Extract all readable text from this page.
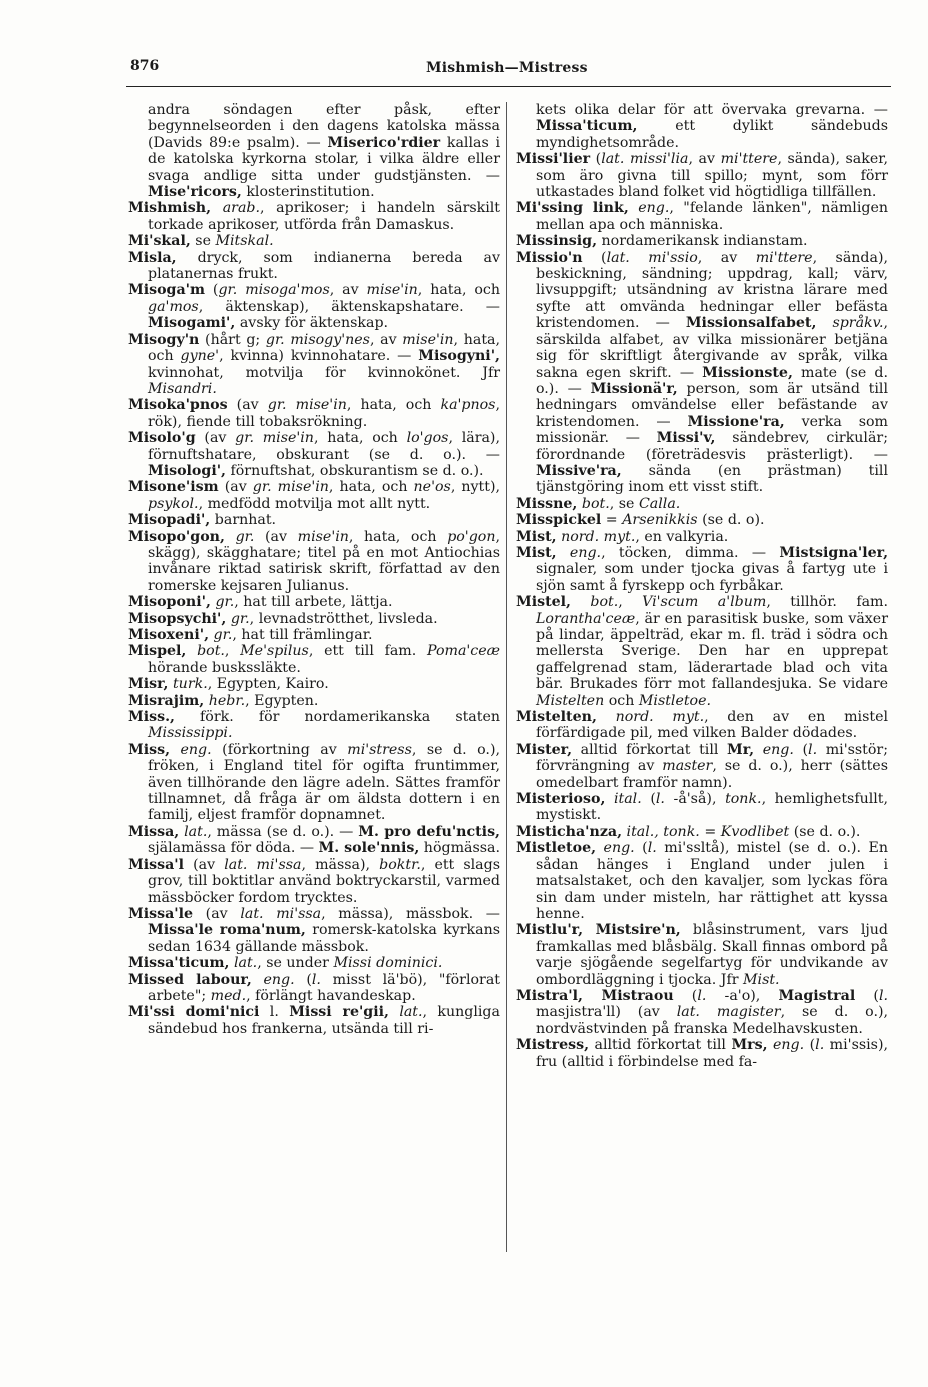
876	Mishmish—Mistress

andra söndagen efter påsk, efter begynnelseorden i den dagens katolska mässa (Davids 89:e psalm). — Miserico'rdier kallas i de katolska kyrkorna stolar, i vilka äldre eller svaga andlige sitta under gudstjänsten. — Mise'ricors, klosterinstitution.

Mishmish, arab., aprikoser; i handeln särskilt torkade aprikoser, utförda från Damaskus.

Mi'skal, se Mitskal.

Misla, dryck, som indianerna bereda av platanernas frukt.

Misoga'm (gr. misoga'mos, av mise'in, hata, och ga'mos, äktenskap), äktenskapshatare. — Misogami', avsky för äktenskap.

Misogy'n (hårt g; gr. misogy'nes, av mise'in, hata, och gyne', kvinna) kvinnohatare. — Misogyni', kvinnohat, motvilja för kvinnokönet. Jfr Misandri.

Misoka'pnos (av gr. mise'in, hata, och ka'pnos, rök), fiende till tobaksrökning.

Misolo'g (av gr. mise'in, hata, och lo'gos, lära), förnuftshatare, obskurant (se d. o.). — Misologi', förnuftshat, obskurantism se d. o.).

Misone'ism (av gr. mise'in, hata, och ne'os, nytt), psykol., medfödd motvilja mot allt nytt.

Misopadi', barnhat.

Misopo'gon, gr. (av mise'in, hata, och po'gon, skägg), skägghatare; titel på en mot Antiochias invånare riktad satirisk skrift, författad av den romerske kejsaren Julianus.

Misoponi', gr., hat till arbete, lättja.

Misopsychi', gr., levnadströtthet, livsleda.

Misoxeni', gr., hat till främlingar.

Mispel, bot., Me'spilus, ett till fam. Poma'ceæ hörande buskssläkte.

Misr, turk., Egypten, Kairo.

Misrajim, hebr., Egypten.

Miss., förk. för nordamerikanska staten Mississippi.

Miss, eng. (förkortning av mi'stress, se d. o.), fröken, i England titel för ogifta fruntimmer, även tillhörande den lägre adeln. Sättes framför tillnamnet, då fråga är om äldsta dottern i en familj, eljest framför dopnamnet.

Missa, lat., mässa (se d. o.). — M. pro defu'nctis, själamässa för döda. — M. sole'nnis, högmässa.

Missa'l (av lat. mi'ssa, mässa), boktr., ett slags grov, till boktitlar använd boktryckarstil, varmed mässböcker fordom trycktes.

Missa'le (av lat. mi'ssa, mässa), mässbok. — Missa'le roma'num, romersk-katolska kyrkans sedan 1634 gällande mässbok.

Missa'ticum, lat., se under Missi dominici.

Missed labour, eng. (l. misst lä'bö), "förlorat arbete"; med., förlängt havandeskap.

Mi'ssi domi'nici l. Missi re'gii, lat., kungliga sändebud hos frankerna, utsända till ri-

kets olika delar för att övervaka grevarna. — Missa'ticum, ett dylikt sändebuds myndighetsområde.

Missi'lier (lat. missi'lia, av mi'ttere, sända), saker, som äro givna till spillo; mynt, som förr utkastades bland folket vid högtidliga tillfällen.

Mi'ssing link, eng., "felande länken", nämligen mellan apa och människa.

Missinsig, nordamerikansk indianstam.

Missio'n (lat. mi'ssio, av mi'ttere, sända), beskickning, sändning; uppdrag, kall; värv, livsuppgift; utsändning av kristna lärare med syfte att omvända hedningar eller befästa kristendomen. — Missionsalfabet, språkv., särskilda alfabet, av vilka missionärer betjäna sig för skriftligt återgivande av språk, vilka sakna egen skrift. — Missionste, mate (se d. o.). — Missionä'r, person, som är utsänd till hedningars omvändelse eller befästande av kristendomen. — Missione'ra, verka som missionär. — Missi'v, sändebrev, cirkulär; förordnande (företrädesvis prästerligt). — Missive'ra, sända (en prästman) till tjänstgöring inom ett visst stift.

Missne, bot., se Calla.

Misspickel = Arsenikkis (se d. o).

Mist, nord. myt., en valkyria.

Mist, eng., töcken, dimma. — Mistsigna'ler, signaler, som under tjocka givas å fartyg ute i sjön samt å fyrskepp och fyrbåkar.

Mistel, bot., Vi'scum a'lbum, tillhör. fam. Lorantha'ceæ, är en parasitisk buske, som växer på lindar, äppelträd, ekar m. fl. träd i södra och mellersta Sverige. Den har en upprepat gaffelgrenad stam, läderartade blad och vita bär. Brukades förr mot fallandesjuka. Se vidare Mistelten och Mistletoe.

Mistelten, nord. myt., den av en mistel förfärdigade pil, med vilken Balder dödades.

Mister, alltid förkortat till Mr, eng. (l. mi'sstör; förvrängning av master, se d. o.), herr (sättes omedelbart framför namn).

Misterioso, ital. (l. -å'så), tonk., hemlighetsfullt, mystiskt.

Misticha'nza, ital., tonk. = Kvodlibet (se d. o.).

Mistletoe, eng. (l. mi'ssltå), mistel (se d. o.). En sådan hänges i England under julen i matsalstaket, och den kavaljer, som lyckas föra sin dam under misteln, har rättighet att kyssa henne.

Mistlu'r, Mistsire'n, blåsinstrument, vars ljud framkallas med blåsbälg. Skall finnas ombord på varje sjögående segelfartyg för undvikande av ombordläggning i tjocka. Jfr Mist.

Mistra'l, Mistraou (l. -a'o), Magistral (l. masjistra'll) (av lat. magister, se d. o.), nordvästvinden på franska Medelhavskusten.

Mistress, alltid förkortat till Mrs, eng. (l. mi'ssis), fru (alltid i förbindelse med fa-
